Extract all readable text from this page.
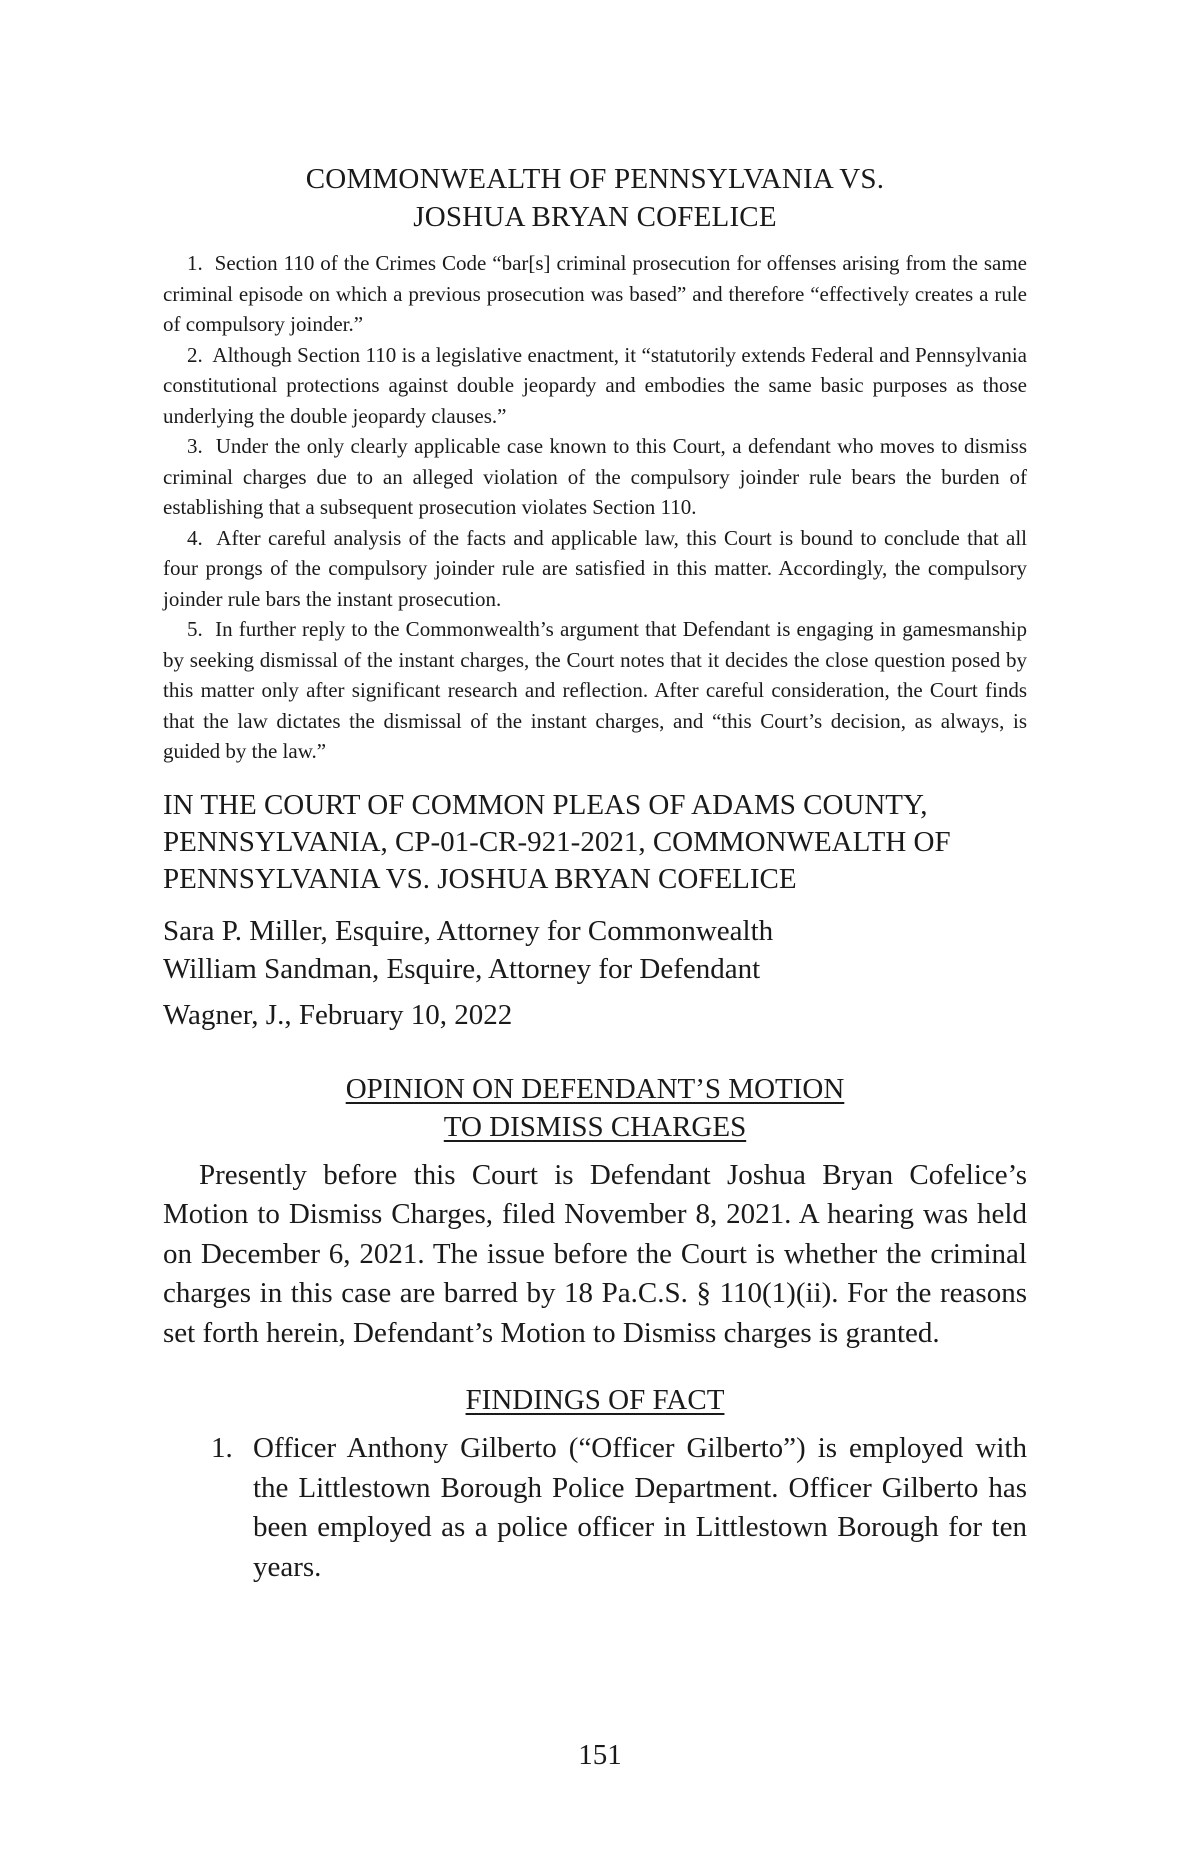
COMMONWEALTH OF PENNSYLVANIA VS.
JOSHUA BRYAN COFELICE

1. Section 110 of the Crimes Code “bar[s] criminal prosecution for offenses arising from the same criminal episode on which a previous prosecution was based” and therefore “effectively creates a rule of compulsory joinder.”

2. Although Section 110 is a legislative enactment, it “statutorily extends Federal and Pennsylvania constitutional protections against double jeopardy and embodies the same basic purposes as those underlying the double jeopardy clauses.”

3. Under the only clearly applicable case known to this Court, a defendant who moves to dismiss criminal charges due to an alleged violation of the compulsory joinder rule bears the burden of establishing that a subsequent prosecution violates Section 110.

4. After careful analysis of the facts and applicable law, this Court is bound to conclude that all four prongs of the compulsory joinder rule are satisfied in this matter. Accordingly, the compulsory joinder rule bars the instant prosecution.

5. In further reply to the Commonwealth’s argument that Defendant is engaging in gamesmanship by seeking dismissal of the instant charges, the Court notes that it decides the close question posed by this matter only after significant research and reflection. After careful consideration, the Court finds that the law dictates the dismissal of the instant charges, and “this Court’s decision, as always, is guided by the law.”

IN THE COURT OF COMMON PLEAS OF ADAMS COUNTY, PENNSYLVANIA, CP-01-CR-921-2021, COMMONWEALTH OF PENNSYLVANIA VS. JOSHUA BRYAN COFELICE

Sara P. Miller, Esquire, Attorney for Commonwealth

William Sandman, Esquire, Attorney for Defendant

Wagner, J., February 10, 2022

OPINION ON DEFENDANT’S MOTION
TO DISMISS CHARGES

Presently before this Court is Defendant Joshua Bryan Cofelice’s Motion to Dismiss Charges, filed November 8, 2021. A hearing was held on December 6, 2021. The issue before the Court is whether the criminal charges in this case are barred by 18 Pa.C.S. § 110(1)(ii). For the reasons set forth herein, Defendant’s Motion to Dismiss charges is granted.

FINDINGS OF FACT
1. Officer Anthony Gilberto (“Officer Gilberto”) is employed with the Littlestown Borough Police Department. Officer Gilberto has been employed as a police officer in Littlestown Borough for ten years.
151
